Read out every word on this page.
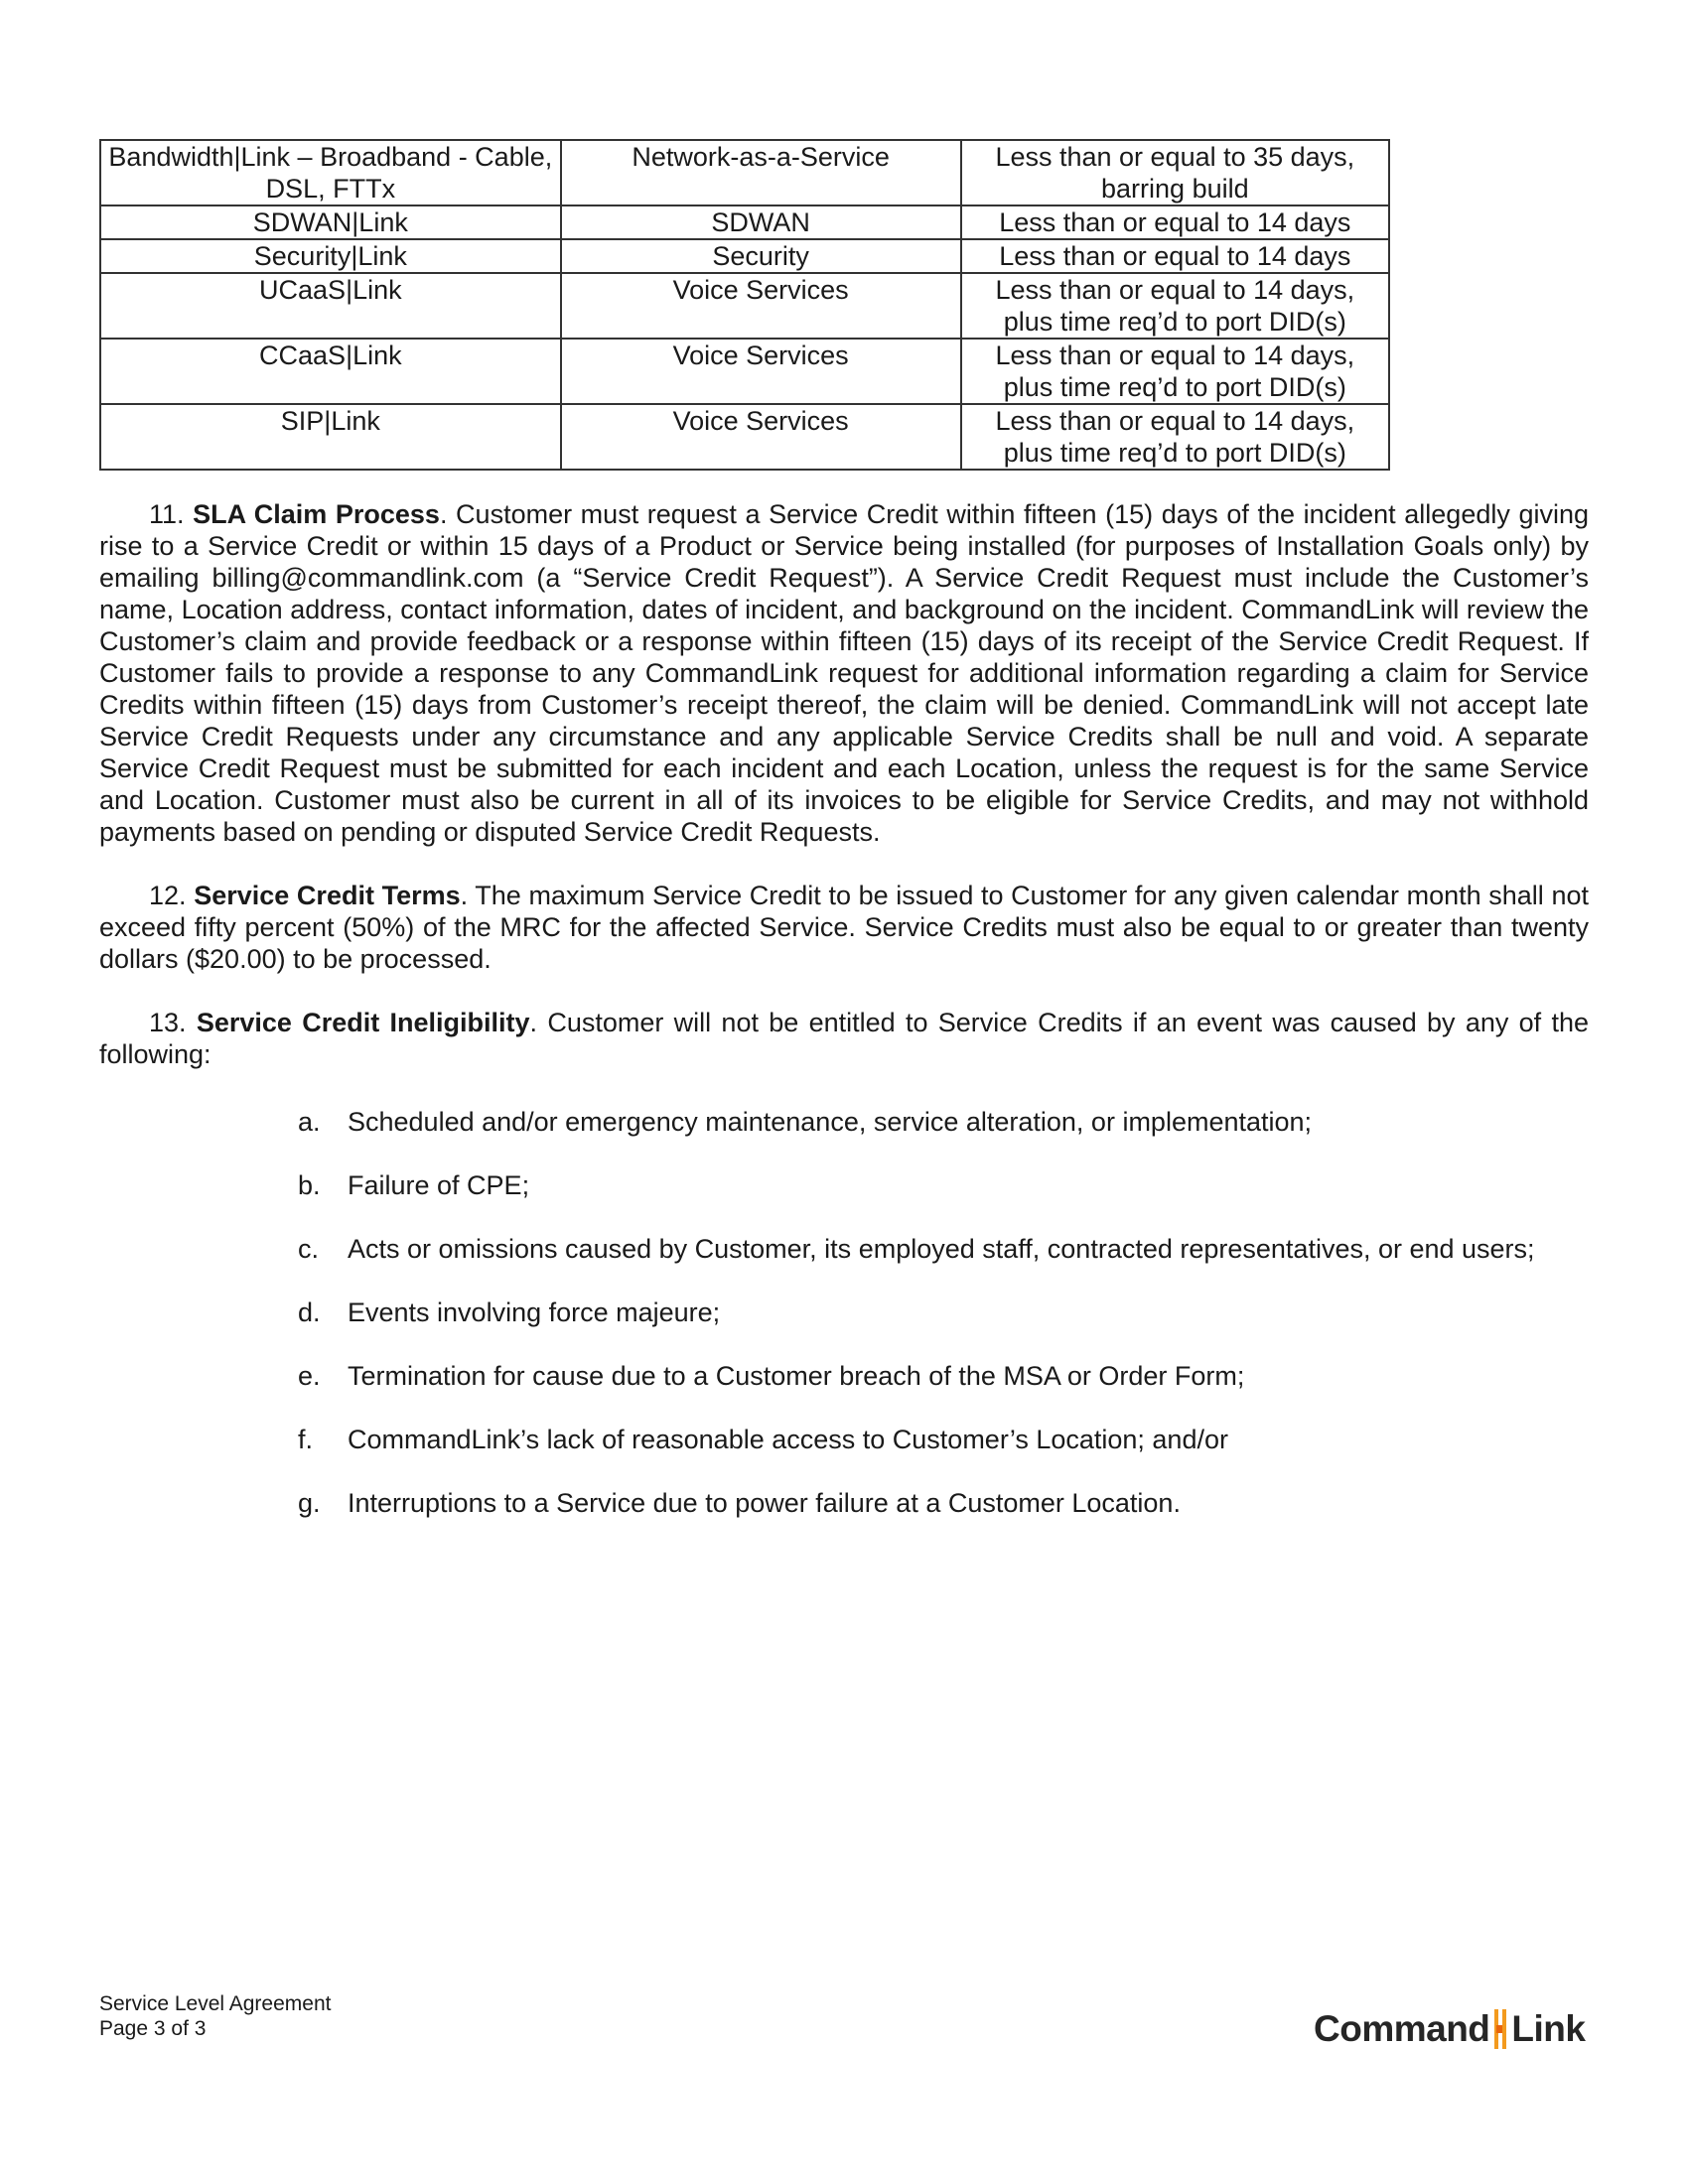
Bandwidth|Link – Broadband - Cable, DSL, FTTx	Network-as-a-Service	Less than or equal to 35 days, barring build
SDWAN|Link	SDWAN	Less than or equal to 14 days
Security|Link	Security	Less than or equal to 14 days
UCaaS|Link	Voice Services	Less than or equal to 14 days, plus time req’d to port DID(s)
CCaaS|Link	Voice Services	Less than or equal to 14 days, plus time req’d to port DID(s)
SIP|Link	Voice Services	Less than or equal to 14 days, plus time req’d to port DID(s)

11. SLA Claim Process. Customer must request a Service Credit within fifteen (15) days of the incident allegedly giving rise to a Service Credit or within 15 days of a Product or Service being installed (for purposes of Installation Goals only) by emailing billing@commandlink.com (a “Service Credit Request”). A Service Credit Request must include the Customer’s name, Location address, contact information, dates of incident, and background on the incident. CommandLink will review the Customer’s claim and provide feedback or a response within fifteen (15) days of its receipt of the Service Credit Request. If Customer fails to provide a response to any CommandLink request for additional information regarding a claim for Service Credits within fifteen (15) days from Customer’s receipt thereof, the claim will be denied. CommandLink will not accept late Service Credit Requests under any circumstance and any applicable Service Credits shall be null and void. A separate Service Credit Request must be submitted for each incident and each Location, unless the request is for the same Service and Location. Customer must also be current in all of its invoices to be eligible for Service Credits, and may not withhold payments based on pending or disputed Service Credit Requests.

12. Service Credit Terms. The maximum Service Credit to be issued to Customer for any given calendar month shall not exceed fifty percent (50%) of the MRC for the affected Service. Service Credits must also be equal to or greater than twenty dollars ($20.00) to be processed.

13. Service Credit Ineligibility. Customer will not be entitled to Service Credits if an event was caused by any of the following:

a.	Scheduled and/or emergency maintenance, service alteration, or implementation;
b.	Failure of CPE;
c.	Acts or omissions caused by Customer, its employed staff, contracted representatives, or end users;
d.	Events involving force majeure;
e.	Termination for cause due to a Customer breach of the MSA or Order Form;
f.	CommandLink’s lack of reasonable access to Customer’s Location; and/or
g.	Interruptions to a Service due to power failure at a Customer Location.
Service Level Agreement
Page 3 of 3	Command Link
